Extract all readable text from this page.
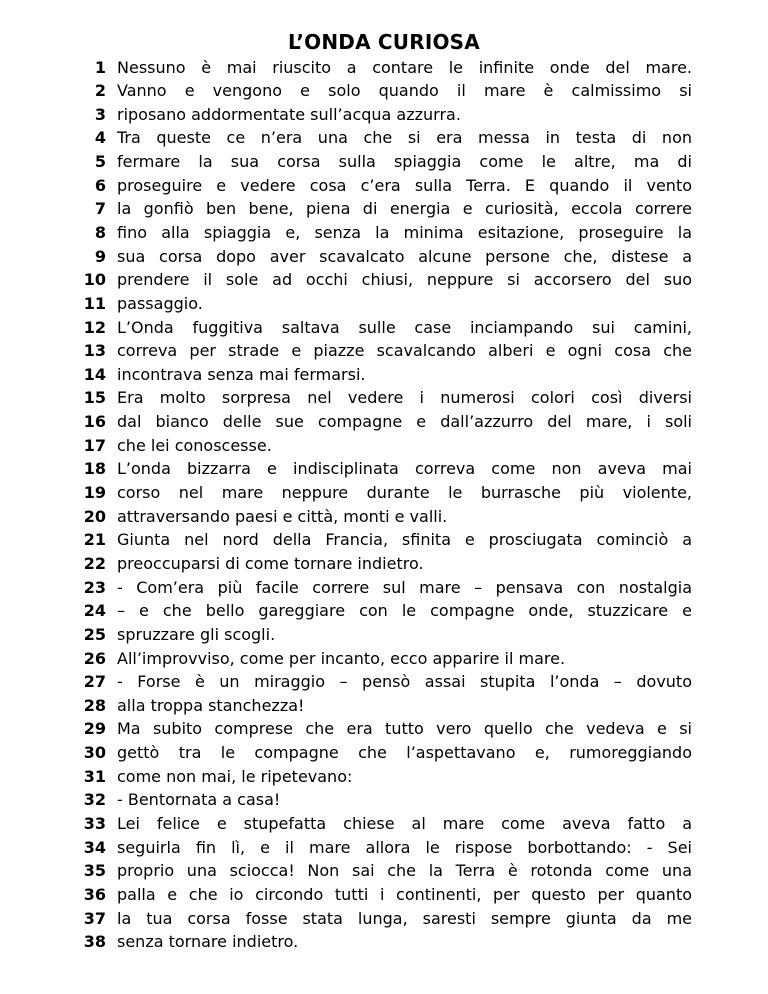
L’ONDA CURIOSA
1 Nessuno è mai riuscito a contare le infinite onde del mare.
2 Vanno e vengono e solo quando il mare è calmissimo si
3 riposano addormentate sull’acqua azzurra.
4 Tra queste ce n’era una che si era messa in testa di non
5 fermare la sua corsa sulla spiaggia come le altre, ma di
6 proseguire e vedere cosa c’era sulla Terra. E quando il vento
7 la gonfiò ben bene, piena di energia e curiosità, eccola correre
8 fino alla spiaggia e, senza la minima esitazione, proseguire la
9 sua corsa dopo aver scavalcato alcune persone che, distese a
10 prendere il sole ad occhi chiusi, neppure si accorsero del suo
11 passaggio.
12 L’Onda fuggitiva saltava sulle case inciampando sui camini,
13 correva per strade e piazze scavalcando alberi e ogni cosa che
14 incontrava senza mai fermarsi.
15 Era molto sorpresa nel vedere i numerosi colori così diversi
16 dal bianco delle sue compagne e dall’azzurro del mare, i soli
17 che lei conoscesse.
18 L’onda bizzarra e indisciplinata correva come non aveva mai
19 corso nel mare neppure durante le burrasche più violente,
20 attraversando paesi e città, monti e valli.
21 Giunta nel nord della Francia, sfinita e prosciugata cominciò a
22 preoccuparsi di come tornare indietro.
23 - Com’era più facile correre sul mare – pensava con nostalgia
24 – e che bello gareggiare con le compagne onde, stuzzicare e
25 spruzzare gli scogli.
26 All’improvviso, come per incanto, ecco apparire il mare.
27 - Forse è un miraggio – pensò assai stupita l’onda – dovuto
28 alla troppa stanchezza!
29 Ma subito comprese che era tutto vero quello che vedeva e si
30 gettò tra le compagne che l’aspettavano e, rumoreggiando
31 come non mai, le ripetevano:
32 - Bentornata a casa!
33 Lei felice e stupefatta chiese al mare come aveva fatto a
34 seguirla fin lì, e il mare allora le rispose borbottando: - Sei
35 proprio una sciocca! Non sai che la Terra è rotonda come una
36 palla e che io circondo tutti i continenti, per questo per quanto
37 la tua corsa fosse stata lunga, saresti sempre giunta da me
38 senza tornare indietro.
